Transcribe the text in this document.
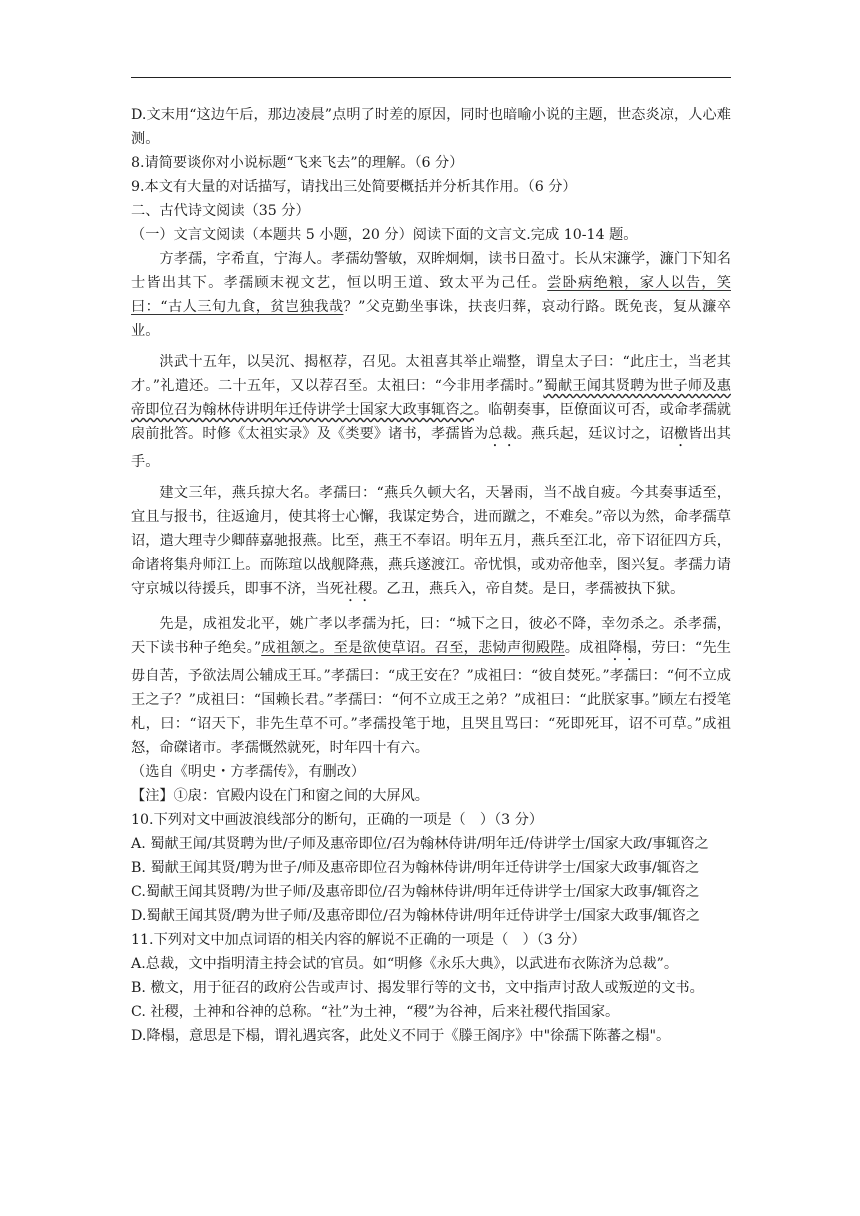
D.文末用“这边午后，那边凌晨”点明了时差的原因，同时也暗喻小说的主题，世态炎凉，人心难测。

8.请简要谈你对小说标题“飞来飞去”的理解。（6 分）

9.本文有大量的对话描写，请找出三处简要概括并分析其作用。（6 分）

二、古代诗文阅读（35 分）

（一）文言文阅读（本题共 5 小题，20 分）阅读下面的文言文.完成 10-14 题。

方孝孺，字希直，宁海人。孝孺幼警敏，双眸炯炯，读书日盈寸。长从宋濂学，濂门下知名士皆出其下。孝孺顾末视文艺，恒以明王道、致太平为己任。尝卧病绝粮，家人以告，笑曰：“古人三旬九食，贫岂独我哉？”父克勤坐事诛，扶丧归葬，哀动行路。既免丧，复从濂卒业。

洪武十五年，以吴沉、揭枢荐，召见。太祖喜其举止端整，谓皇太子曰：“此庄士，当老其才。”礼遣还。二十五年，又以荐召至。太祖曰：“今非用孝孺时。”蜀献王闻其贤聘为世子师及惠帝即位召为翰林侍讲明年迁侍讲学士国家大政事辄咨之。临朝奏事，臣僚面议可否，或命孝孺就扆前批答。时修《太祖实录》及《类要》诸书，孝孺皆为总裁。燕兵起，廷议讨之，诏檄皆出其手。

建文三年，燕兵掠大名。孝孺曰：“燕兵久顿大名，天暑雨，当不战自疲。今其奏事适至，宜且与报书，往返逾月，使其将士心懈，我谋定势合，进而蹴之，不难矣。”帝以为然，命孝孺草诏，遣大理寺少卿薛嘉驰报燕。比至，燕王不奉诏。明年五月，燕兵至江北，帝下诏征四方兵，命诸将集舟师江上。而陈瑄以战舰降燕，燕兵遂渡江。帝忧惧，或劝帝他幸，图兴复。孝孺力请守京城以待援兵，即事不济，当死社稷。乙丑，燕兵入，帝自焚。是日，孝孺被执下狱。

先是，成祖发北平，姚广孝以孝孺为托，曰：“城下之日，彼必不降，幸勿杀之。杀孝孺，天下读书种子绝矣。”成祖颔之。至是欲使草诏。召至，悲恸声彻殿陛。成祖降榻，劳曰：“先生毋自苦，予欲法周公辅成王耳。”孝孺曰：“成王安在？”成祖曰：“彼自焚死。”孝孺曰：“何不立成王之子？”成祖曰：“国赖长君。”孝孺曰：“何不立成王之弟？”成祖曰：“此朕家事。”顾左右授笔札，曰：“诏天下，非先生草不可。”孝孺投笔于地，且哭且骂曰：“死即死耳，诏不可草。”成祖怒，命磔诸市。孝孺慨然就死，时年四十有六。

（选自《明史・方孝孺传》，有删改）

【注】①扆：官殿内设在门和窗之间的大屏风。

10.下列对文中画波浪线部分的断句，正确的一项是（　）（3 分）

A. 蜀献王闻/其贤聘为世/子师及惠帝即位/召为翰林侍讲/明年迁/侍讲学士/国家大政/事辄咨之

B. 蜀献王闻其贤/聘为世子/师及惠帝即位召为翰林侍讲/明年迁侍讲学士/国家大政事/辄咨之

C.蜀献王闻其贤聘/为世子师/及惠帝即位/召为翰林侍讲/明年迁侍讲学士/国家大政事/辄咨之

D.蜀献王闻其贤/聘为世子师/及惠帝即位/召为翰林侍讲/明年迁侍讲学士/国家大政事/辄咨之

11.下列对文中加点词语的相关内容的解说不正确的一项是（　）（3 分）

A.总裁，文中指明清主持会试的官员。如“明修《永乐大典》，以武进布衣陈济为总裁”。

B. 檄文，用于征召的政府公告或声讨、揭发罪行等的文书，文中指声讨敌人或叛逆的文书。

C. 社稷，土神和谷神的总称。“社”为土神，“稷”为谷神，后来社稷代指国家。

D.降榻，意思是下榻，谓礼遇宾客，此处义不同于《滕王阁序》中"徐孺下陈蕃之榻"。
